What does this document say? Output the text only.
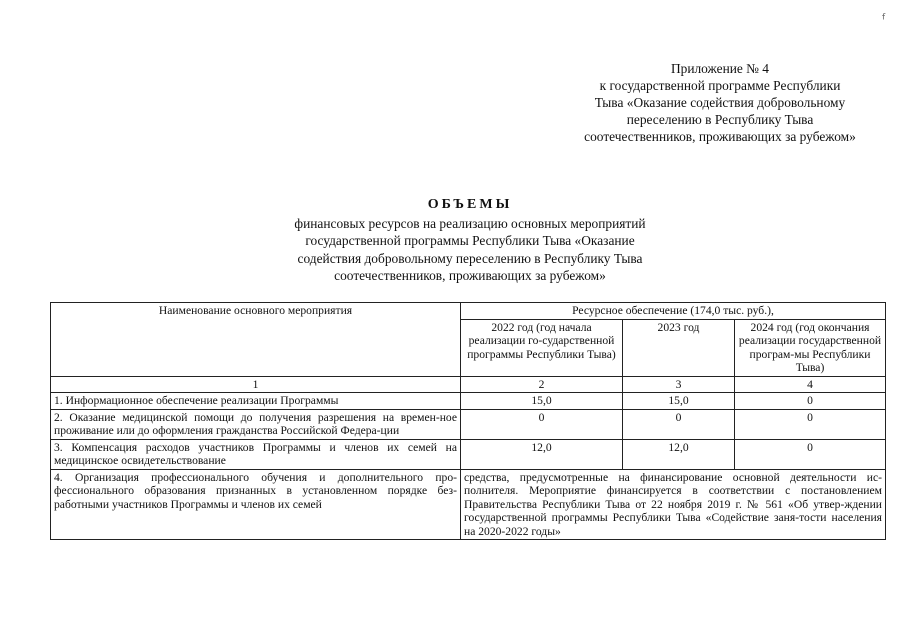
ꬵ
Приложение № 4
к государственной программе Республики
Тыва «Оказание содействия добровольному
переселению в Республику Тыва
соотечественников, проживающих за рубежом»
ОБЪЕМЫ
финансовых ресурсов на реализацию основных мероприятий
государственной программы Республики Тыва «Оказание
содействия добровольному переселению в Республику Тыва
соотечественников, проживающих за рубежом»
Наименование основного мероприятия	Ресурсное обеспечение (174,0 тыс. руб.),		
	2022 год (год начала реализации го-сударственной программы Республики Тыва)	2023 год	2024 год (год окончания реализации государственной програм-мы Республики Тыва)
1	2	3	4
1. Информационное обеспечение реализации Программы	15,0	15,0	0
2. Оказание медицинской помощи до получения разрешения на времен-ное проживание или до оформления гражданства Российской Федера-ции	0	0	0
3. Компенсация расходов участников Программы и членов их семей на медицинское освидетельствование	12,0	12,0	0
4. Организация профессионального обучения и дополнительного про-фессионального образования признанных в установленном порядке без-работными участников Программы и членов их семей	средства, предусмотренные на финансирование основной деятельности ис-полнителя. Мероприятие финансируется в соответствии с постановлением Правительства Республики Тыва от 22 ноября 2019 г. № 561 «Об утвер-ждении государственной программы Республики Тыва «Содействие заня-тости населения на 2020-2022 годы»		
